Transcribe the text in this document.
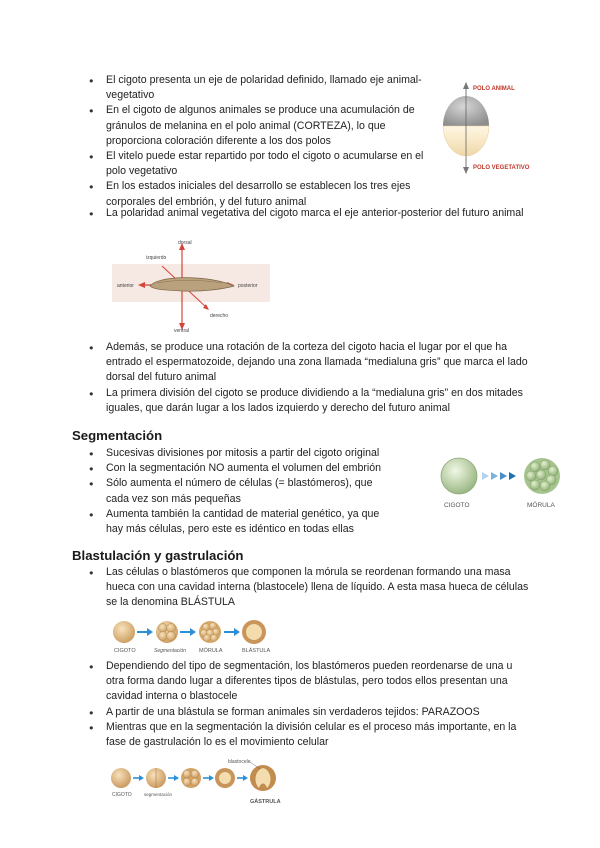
● El cigoto presenta un eje de polaridad definido, llamado eje animal-vegetativo
● En el cigoto de algunos animales se produce una acumulación de gránulos de melanina en el polo animal (CORTEZA), lo que proporciona coloración diferente a los dos polos
● El vitelo puede estar repartido por todo el cigoto o acumularse en el polo vegetativo
● En los estados iniciales del desarrollo se establecen los tres ejes corporales del embrión, y del futuro animal
● La polaridad animal vegetativa del cigoto marca el eje anterior-posterior del futuro animal
POLO ANIMAL
POLO VEGETATIVO
dorsal
ventral
anterior	posterior
izquierdo
derecho
● Además, se produce una rotación de la corteza del cigoto hacia el lugar por el que ha entrado el espermatozoide, dejando una zona llamada “medialuna gris” que marca el lado dorsal del futuro animal
● La primera división del cigoto se produce dividiendo a la “medialuna gris” en dos mitades iguales, que darán lugar a los lados izquierdo y derecho del futuro animal
Segmentación
● Sucesivas divisiones por mitosis a partir del cigoto original
● Con la segmentación NO aumenta el volumen del embrión
● Sólo aumenta el número de células (= blastómeros), que cada vez son más pequeñas
● Aumenta también la cantidad de material genético, ya que hay más células, pero este es idéntico en todas ellas
CIGOTO	MÓRULA
Blastulación y gastrulación
● Las células o blastómeros que componen la mórula se reordenan formando una masa hueca con una cavidad interna (blastocele) llena de líquido. A esta masa hueca de células se la denomina BLÁSTULA
CIGOTO	Segmentación MÓRULA	BLÁSTULA
● Dependiendo del tipo de segmentación, los blastómeros pueden reordenarse de una u otra forma dando lugar a diferentes tipos de blástulas, pero todos ellos presentan una cavidad interna o blastocele
● A partir de una blástula se forman animales sin verdaderos tejidos: PARAZOOS
● Mientras que en la segmentación la división celular es el proceso más importante, en la fase de gastrulación lo es el movimiento celular
blastocele
CIGOTO	segmentación
GÁSTRULA
